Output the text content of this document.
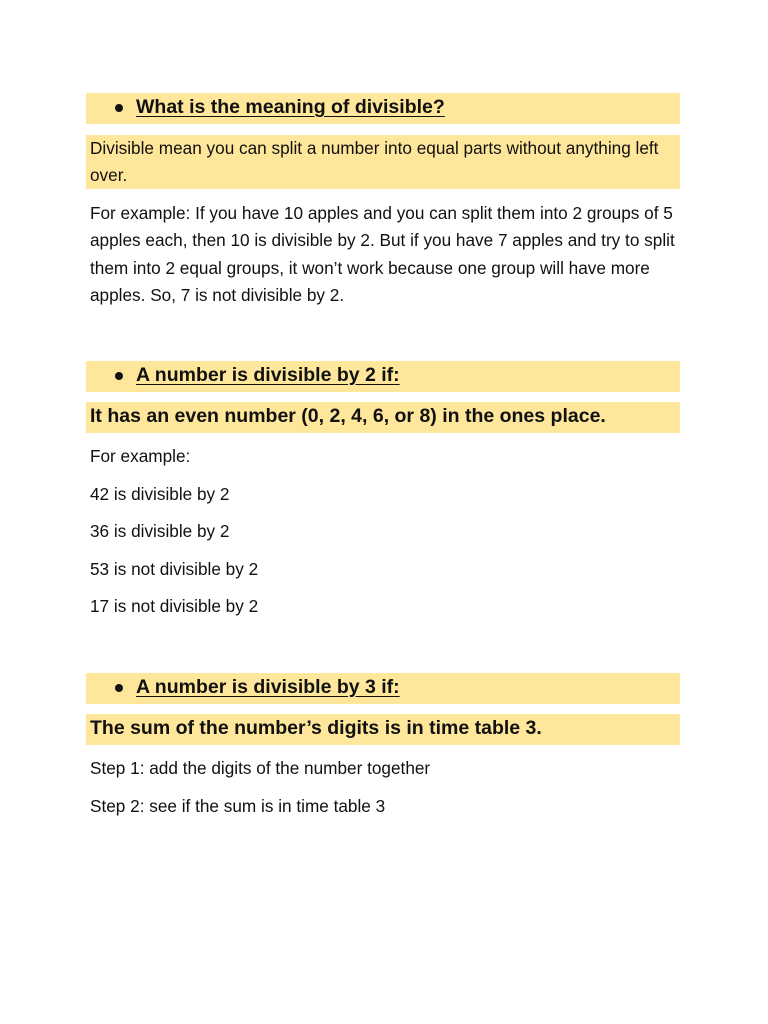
What is the meaning of divisible?

Divisible mean you can split a number into equal parts without anything left over.

For example: If you have 10 apples and you can split them into 2 groups of 5 apples each, then 10 is divisible by 2. But if you have 7 apples and try to split them into 2 equal groups, it won’t work because one group will have more apples. So, 7 is not divisible by 2.

A number is divisible by 2 if:
It has an even number (0, 2, 4, 6, or 8) in the ones place.
For example:
42 is divisible by 2
36 is divisible by 2
53 is not divisible by 2
17 is not divisible by 2
A number is divisible by 3 if:
The sum of the number’s digits is in time table 3.
Step 1: add the digits of the number together
Step 2: see if the sum is in time table 3
